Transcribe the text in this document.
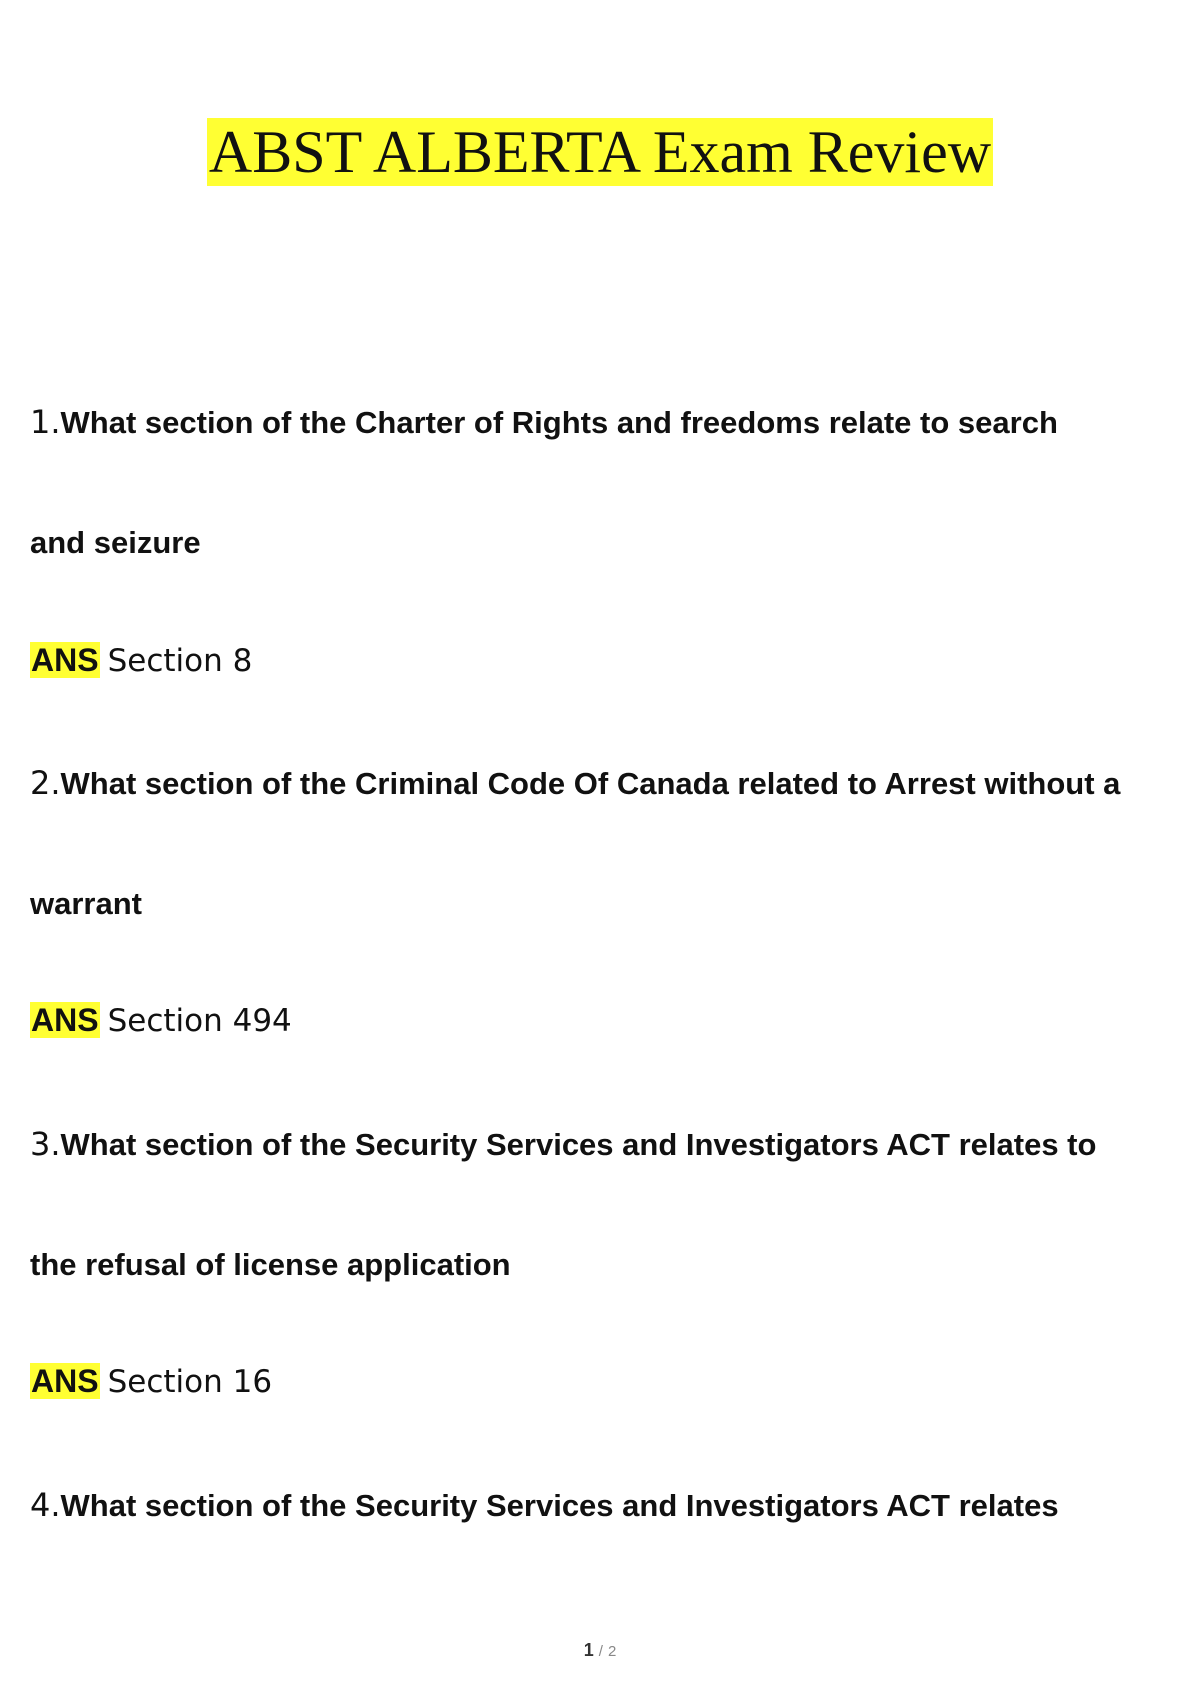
ABST ALBERTA Exam Review
1.What section of the Charter of Rights and freedoms relate to search
and seizure
ANS Section 8
2.What section of the Criminal Code Of Canada related to Arrest without a
warrant
ANS Section 494
3.What section of the Security Services and Investigators ACT relates to
the refusal of license application
ANS Section 16
4.What section of the Security Services and Investigators ACT relates
1 / 2
